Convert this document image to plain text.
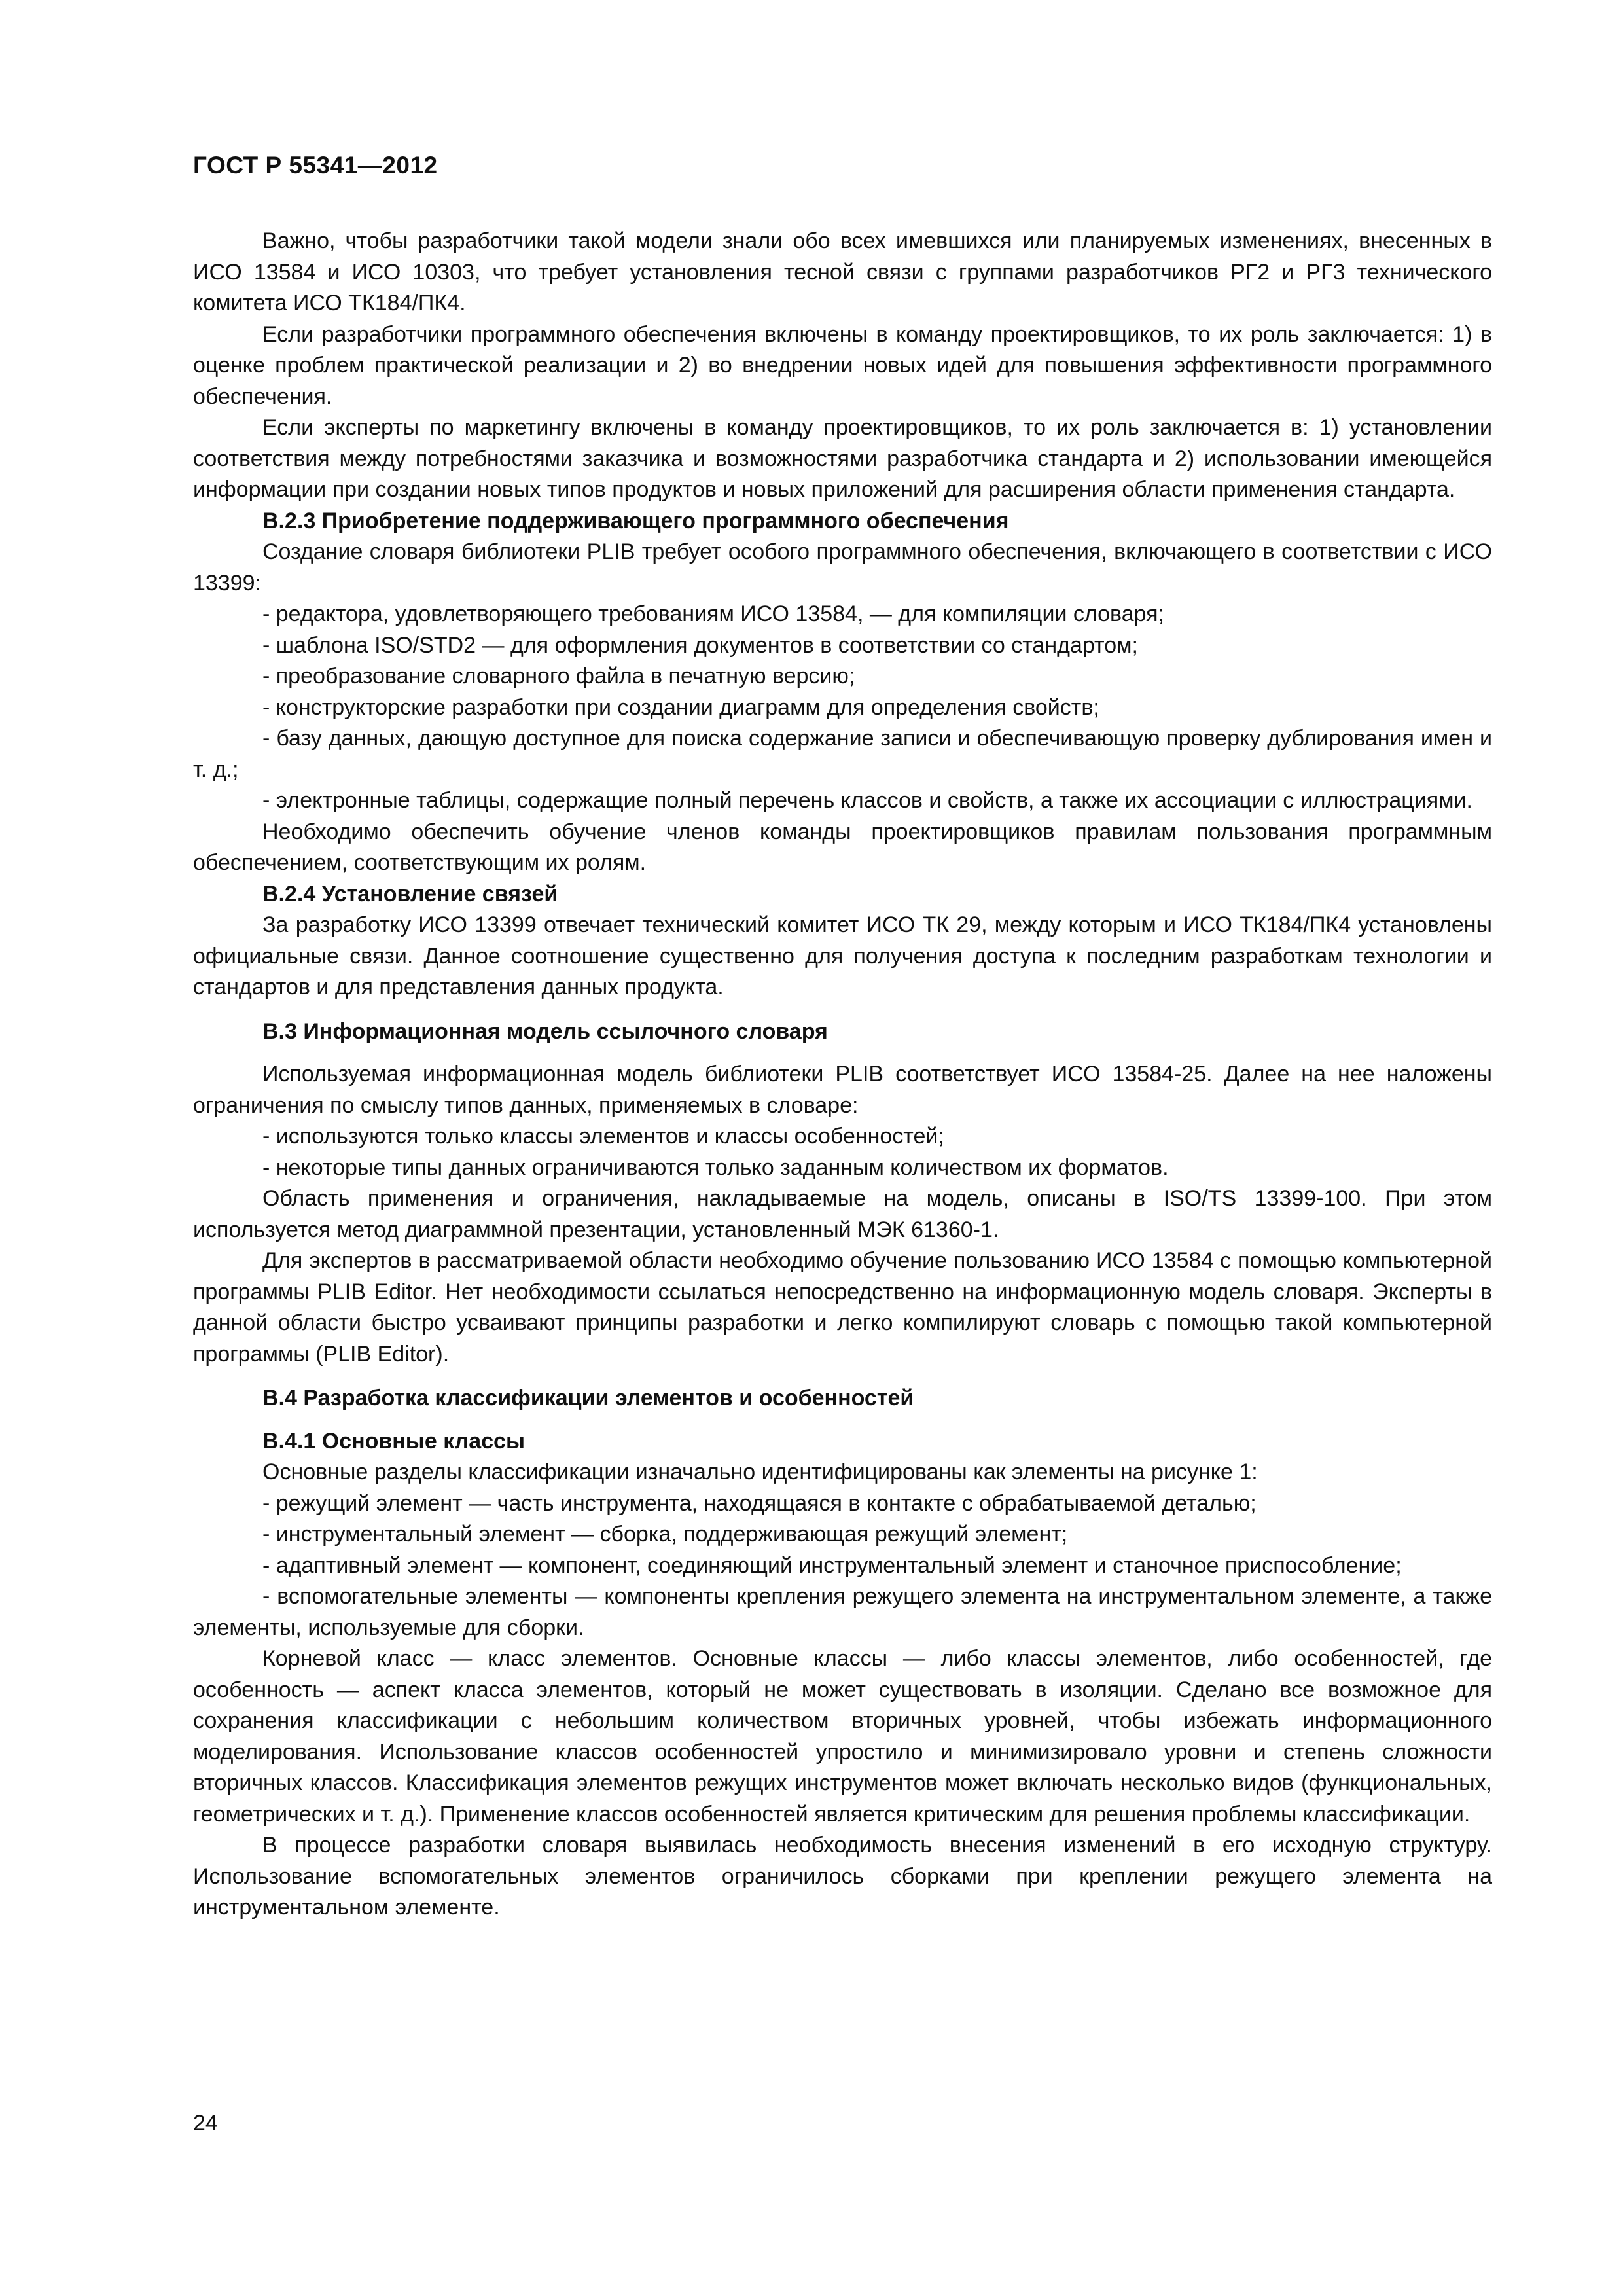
ГОСТ Р 55341—2012

Важно, чтобы разработчики такой модели знали обо всех имевшихся или планируемых изменениях, внесенных в ИСО 13584 и ИСО 10303, что требует установления тесной связи с группами разработчиков РГ2 и РГ3 технического комитета ИСО ТК184/ПК4.

Если разработчики программного обеспечения включены в команду проектировщиков, то их роль заключается: 1) в оценке проблем практической реализации и 2) во внедрении новых идей для повышения эффективности программного обеспечения.

Если эксперты по маркетингу включены в команду проектировщиков, то их роль заключается в: 1) установлении соответствия между потребностями заказчика и возможностями разработчика стандарта и 2) использовании имеющейся информации при создании новых типов продуктов и новых приложений для расширения области применения стандарта.

В.2.3 Приобретение поддерживающего программного обеспечения

Создание словаря библиотеки PLIB требует особого программного обеспечения, включающего в соответствии с ИСО 13399:

- редактора, удовлетворяющего требованиям ИСО 13584, — для компиляции словаря;

- шаблона ISO/STD2 — для оформления документов в соответствии со стандартом;

- преобразование словарного файла в печатную версию;

- конструкторские разработки при создании диаграмм для определения свойств;

- базу данных, дающую доступное для поиска содержание записи и обеспечивающую проверку дублирования имен и т. д.;

- электронные таблицы, содержащие полный перечень классов и свойств, а также их ассоциации с иллюстрациями.

Необходимо обеспечить обучение членов команды проектировщиков правилам пользования программным обеспечением, соответствующим их ролям.

В.2.4 Установление связей

За разработку ИСО 13399 отвечает технический комитет ИСО ТК 29, между которым и ИСО ТК184/ПК4 установлены официальные связи. Данное соотношение существенно для получения доступа к последним разработкам технологии и стандартов и для представления данных продукта.

В.3 Информационная модель ссылочного словаря

Используемая информационная модель библиотеки PLIB соответствует ИСО 13584-25. Далее на нее наложены ограничения по смыслу типов данных, применяемых в словаре:

- используются только классы элементов и классы особенностей;

- некоторые типы данных ограничиваются только заданным количеством их форматов.

Область применения и ограничения, накладываемые на модель, описаны в ISO/TS 13399-100. При этом используется метод диаграммной презентации, установленный МЭК 61360-1.

Для экспертов в рассматриваемой области необходимо обучение пользованию ИСО 13584 с помощью компьютерной программы PLIB Editor. Нет необходимости ссылаться непосредственно на информационную модель словаря. Эксперты в данной области быстро усваивают принципы разработки и легко компилируют словарь с помощью такой компьютерной программы (PLIB Editor).

В.4 Разработка классификации элементов и особенностей
В.4.1 Основные классы

Основные разделы классификации изначально идентифицированы как элементы на рисунке 1:

- режущий элемент — часть инструмента, находящаяся в контакте с обрабатываемой деталью;

- инструментальный элемент — сборка, поддерживающая режущий элемент;

- адаптивный элемент — компонент, соединяющий инструментальный элемент и станочное приспособление;

- вспомогательные элементы — компоненты крепления режущего элемента на инструментальном элементе, а также элементы, используемые для сборки.

Корневой класс — класс элементов. Основные классы — либо классы элементов, либо особенностей, где особенность — аспект класса элементов, который не может существовать в изоляции. Сделано все возможное для сохранения классификации с небольшим количеством вторичных уровней, чтобы избежать информационного моделирования. Использование классов особенностей упростило и минимизировало уровни и степень сложности вторичных классов. Классификация элементов режущих инструментов может включать несколько видов (функциональных, геометрических и т. д.). Применение классов особенностей является критическим для решения проблемы классификации.

В процессе разработки словаря выявилась необходимость внесения изменений в его исходную структуру. Использование вспомогательных элементов ограничилось сборками при креплении режущего элемента на инструментальном элементе.

24
